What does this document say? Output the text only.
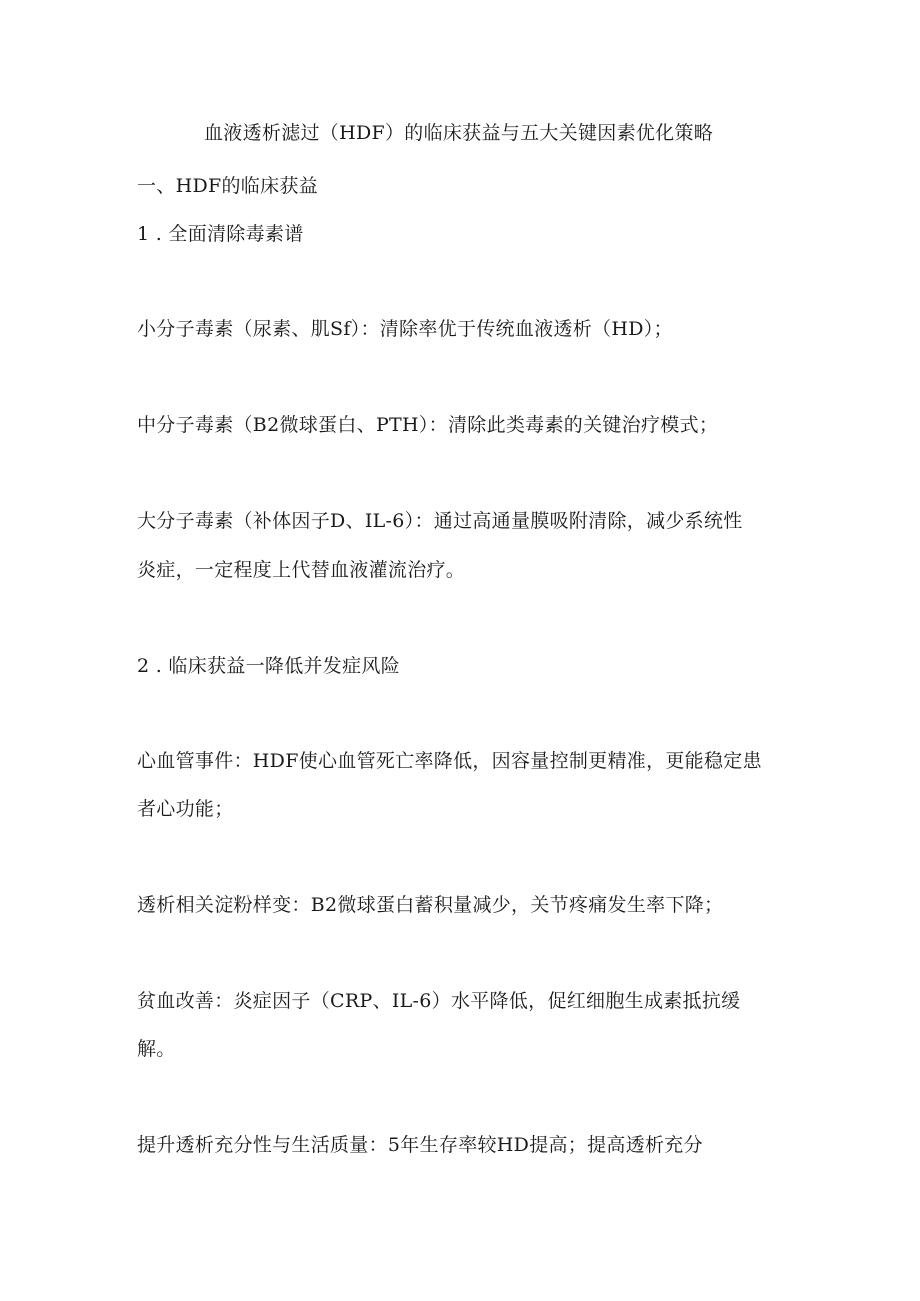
血液透析滤过（HDF）的临床获益与五大关键因素优化策略
一、HDF的临床获益
1 . 全面清除毒素谱
小分子毒素（尿素、肌Sf）：清除率优于传统血液透析（HD）；
中分子毒素（B2微球蛋白、PTH）：清除此类毒素的关键治疗模式；
大分子毒素（补体因子D、IL-6）：通过高通量膜吸附清除，减少系统性
炎症，一定程度上代替血液灌流治疗。
2 . 临床获益一降低并发症风险
心血管事件：HDF使心血管死亡率降低，因容量控制更精准，更能稳定患
者心功能；
透析相关淀粉样变：B2微球蛋白蓄积量减少，关节疼痛发生率下降；
贫血改善：炎症因子（CRP、IL-6）水平降低，促红细胞生成素抵抗缓
解。
提升透析充分性与生活质量：5年生存率较HD提高；提高透析充分
